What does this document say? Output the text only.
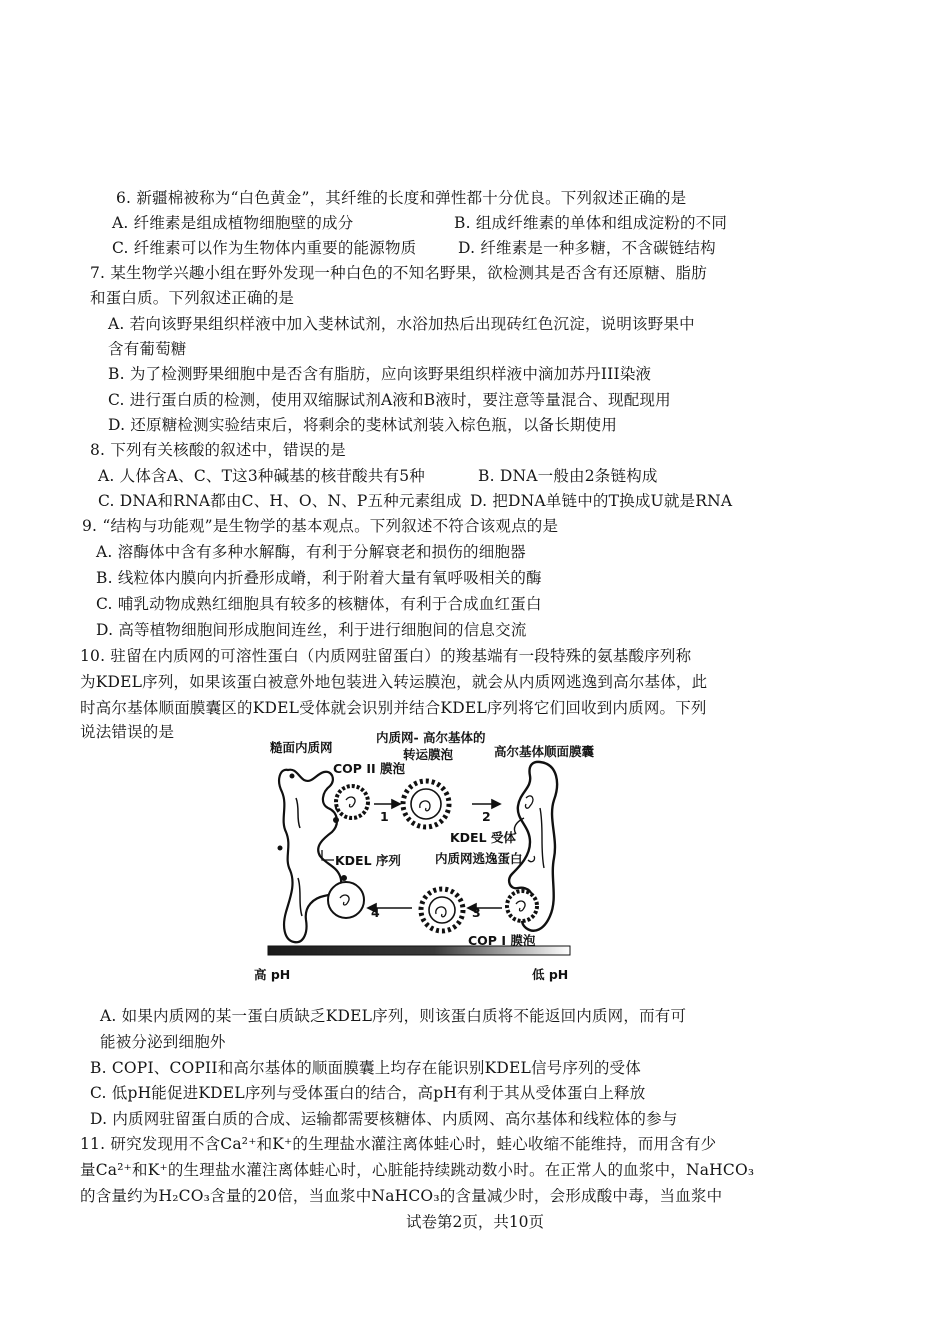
6. 新疆棉被称为“白色黄金”，其纤维的长度和弹性都十分优良。下列叙述正确的是
A. 纤维素是组成植物细胞壁的成分	B. 组成纤维素的单体和组成淀粉的不同
C. 纤维素可以作为生物体内重要的能源物质	D. 纤维素是一种多糖，不含碳链结构
7. 某生物学兴趣小组在野外发现一种白色的不知名野果，欲检测其是否含有还原糖、脂肪
和蛋白质。下列叙述正确的是
A. 若向该野果组织样液中加入斐林试剂，水浴加热后出现砖红色沉淀，说明该野果中
含有葡萄糖
B. 为了检测野果细胞中是否含有脂肪，应向该野果组织样液中滴加苏丹III染液
C. 进行蛋白质的检测，使用双缩脲试剂A液和B液时，要注意等量混合、现配现用
D. 还原糖检测实验结束后，将剩余的斐林试剂装入棕色瓶，以备长期使用
8. 下列有关核酸的叙述中，错误的是
A. 人体含A、C、T这3种碱基的核苷酸共有5种	B. DNA一般由2条链构成
C. DNA和RNA都由C、H、O、N、P五种元素组成 D. 把DNA单链中的T换成U就是RNA
9. “结构与功能观”是生物学的基本观点。下列叙述不符合该观点的是
A. 溶酶体中含有多种水解酶，有利于分解衰老和损伤的细胞器
B. 线粒体内膜向内折叠形成嵴，利于附着大量有氧呼吸相关的酶
C. 哺乳动物成熟红细胞具有较多的核糖体，有利于合成血红蛋白
D. 高等植物细胞间形成胞间连丝，利于进行细胞间的信息交流
10. 驻留在内质网的可溶性蛋白（内质网驻留蛋白）的羧基端有一段特殊的氨基酸序列称
为KDEL序列，如果该蛋白被意外地包装进入转运膜泡，就会从内质网逃逸到高尔基体，此
时高尔基体顺面膜囊区的KDEL受体就会识别并结合KDEL序列将它们回收到内质网。下列
说法错误的是
糙面内质网
内质网- 高尔基体的
转运膜泡	高尔基体顺面膜囊
COP II 膜泡
1	2
KDEL 受体
内质网逃逸蛋白
KDEL 序列
4	3
COP I 膜泡
高 pH	低 pH
A. 如果内质网的某一蛋白质缺乏KDEL序列，则该蛋白质将不能返回内质网，而有可
能被分泌到细胞外
B. COPI、COPII和高尔基体的顺面膜囊上均存在能识别KDEL信号序列的受体
C. 低pH能促进KDEL序列与受体蛋白的结合，高pH有利于其从受体蛋白上释放
D. 内质网驻留蛋白质的合成、运输都需要核糖体、内质网、高尔基体和线粒体的参与
11. 研究发现用不含Ca²⁺和K⁺的生理盐水灌注离体蛙心时，蛙心收缩不能维持，而用含有少
量Ca²⁺和K⁺的生理盐水灌注离体蛙心时，心脏能持续跳动数小时。在正常人的血浆中，NaHCO₃
的含量约为H₂CO₃含量的20倍，当血浆中NaHCO₃的含量减少时，会形成酸中毒，当血浆中
试卷第2页，共10页
